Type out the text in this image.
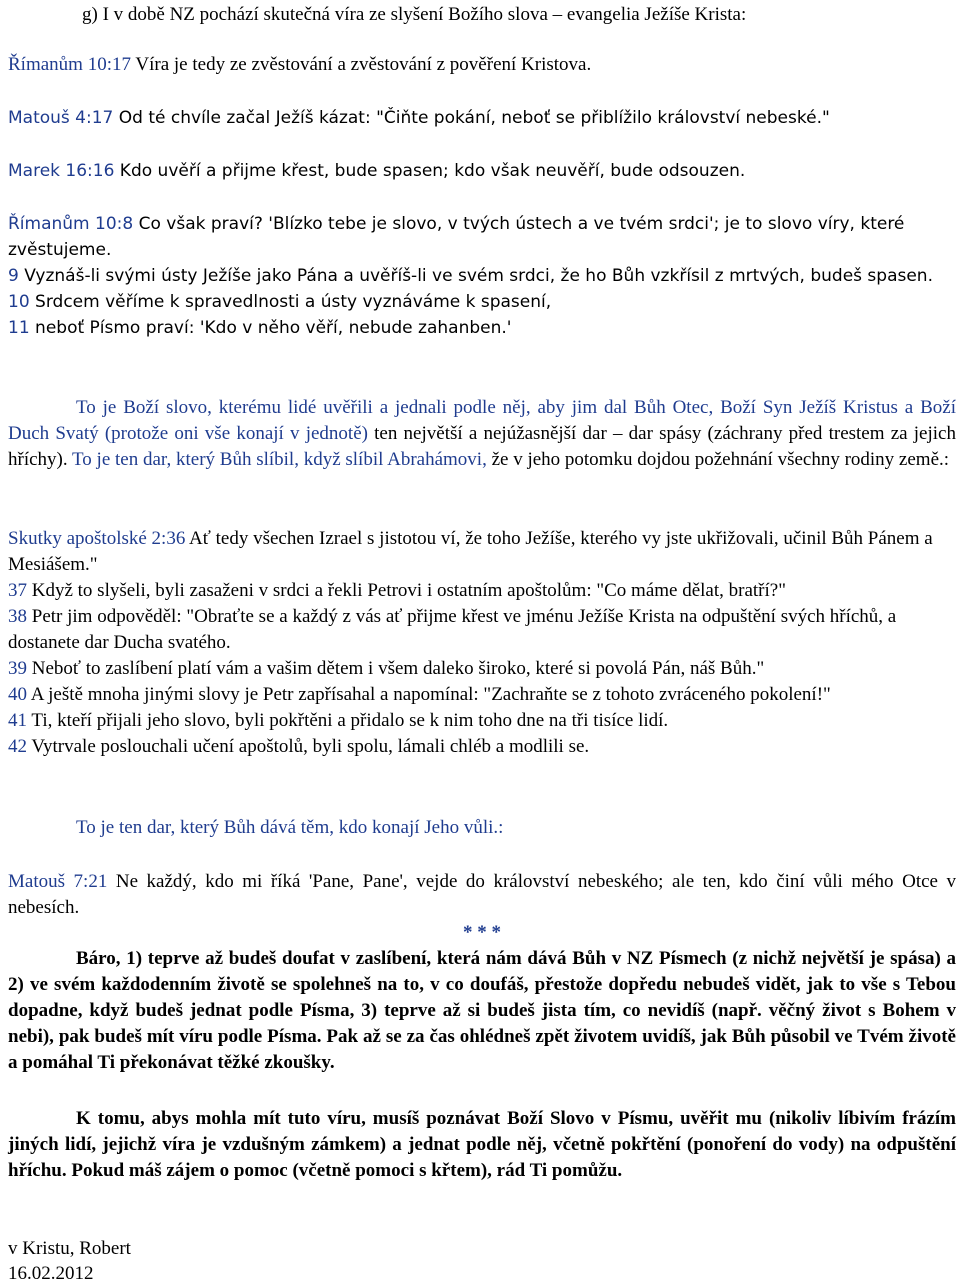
g) I v době NZ pochází skutečná víra ze slyšení Božího slova – evangelia Ježíše Krista:
Římanům 10:17 Víra je tedy ze zvěstování a zvěstování z pověření Kristova.
Matouš 4:17 Od té chvíle začal Ježíš kázat: "Čiňte pokání, neboť se přiblížilo království nebeské."
Marek 16:16 Kdo uvěří a přijme křest, bude spasen; kdo však neuvěří, bude odsouzen.
Římanům 10:8 Co však praví? 'Blízko tebe je slovo, v tvých ústech a ve tvém srdci'; je to slovo víry, které zvěstujeme.
9 Vyznáš-li svými ústy Ježíše jako Pána a uvěříš-li ve svém srdci, že ho Bůh vzkřísil z mrtvých, budeš spasen.
10 Srdcem věříme k spravedlnosti a ústy vyznáváme k spasení,
11 neboť Písmo praví: 'Kdo v něho věří, nebude zahanben.'
To je Boží slovo, kterému lidé uvěřili a jednali podle něj, aby jim dal Bůh Otec, Boží Syn Ježíš Kristus a Boží Duch Svatý (protože oni vše konají v jednotě) ten největší a nejúžasnější dar – dar spásy (záchrany před trestem za jejich hříchy). To je ten dar, který Bůh slíbil, když slíbil Abrahámovi, že v jeho potomku dojdou požehnání všechny rodiny země.:
Skutky apoštolské 2:36 Ať tedy všechen Izrael s jistotou ví, že toho Ježíše, kterého vy jste ukřižovali, učinil Bůh Pánem a Mesiášem."
37 Když to slyšeli, byli zasaženi v srdci a řekli Petrovi i ostatním apoštolům: "Co máme dělat, bratří?"
38 Petr jim odpověděl: "Obraťte se a každý z vás ať přijme křest ve jménu Ježíše Krista na odpuštění svých hříchů, a dostanete dar Ducha svatého.
39 Neboť to zaslíbení platí vám a vašim dětem i všem daleko široko, které si povolá Pán, náš Bůh."
40 A ještě mnoha jinými slovy je Petr zapřísahal a napomínal: "Zachraňte se z tohoto zvráceného pokolení!"
41 Ti, kteří přijali jeho slovo, byli pokřtěni a přidalo se k nim toho dne na tři tisíce lidí.
42 Vytrvale poslouchali učení apoštolů, byli spolu, lámali chléb a modlili se.
To je ten dar, který Bůh dává těm, kdo konají Jeho vůli.:
Matouš 7:21 Ne každý, kdo mi říká 'Pane, Pane', vejde do království nebeského; ale ten, kdo činí vůli mého Otce v nebesích.
* * *
Báro, 1) teprve až budeš doufat v zaslíbení, která nám dává Bůh v NZ Písmech (z nichž největší je spása) a 2) ve svém každodenním životě se spolehneš na to, v co doufáš, přestože dopředu nebudeš vidět, jak to vše s Tebou dopadne, když budeš jednat podle Písma, 3) teprve až si budeš jista tím, co nevidíš (např. věčný život s Bohem v nebi), pak budeš mít víru podle Písma. Pak až se za čas ohlédneš zpět životem uvidíš, jak Bůh působil ve Tvém životě a pomáhal Ti překonávat těžké zkoušky.
K tomu, abys mohla mít tuto víru, musíš poznávat Boží Slovo v Písmu, uvěřit mu (nikoliv líbivím frázím jiných lidí, jejichž víra je vzdušným zámkem) a jednat podle něj, včetně pokřtění (ponoření do vody) na odpuštění hříchu. Pokud máš zájem o pomoc (včetně pomoci s křtem), rád Ti pomůžu.
v Kristu, Robert
16.02.2012
